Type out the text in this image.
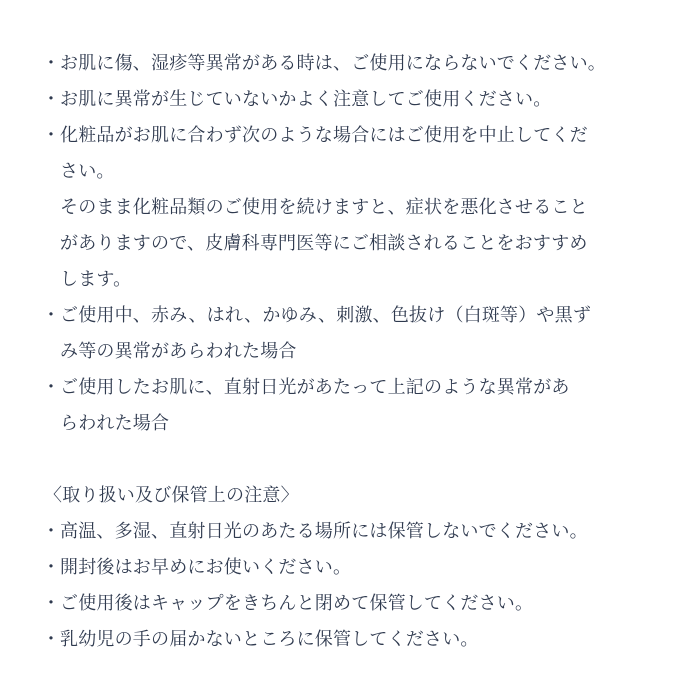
・ お肌に傷、湿疹等異常がある時は、ご使用にならないでください。
・ お肌に異常が生じていないかよく注意してご使用ください。
・ 化粧品がお肌に合わず次のような場合にはご使用を中止してくだ
さい。
そのまま化粧品類のご使用を続けますと、症状を悪化させること
がありますので、皮膚科専門医等にご相談されることをおすすめ
します。
・ ご使用中、赤み、はれ、かゆみ、刺激、色抜け（白斑等）や黒ず
み等の異常があらわれた場合
・ ご使用したお肌に、直射日光があたって上記のような異常があ
らわれた場合
〈取り扱い及び保管上の注意〉
・ 高温、多湿、直射日光のあたる場所には保管しないでください。
・ 開封後はお早めにお使いください。
・ ご使用後はキャップをきちんと閉めて保管してください。
・ 乳幼児の手の届かないところに保管してください。
